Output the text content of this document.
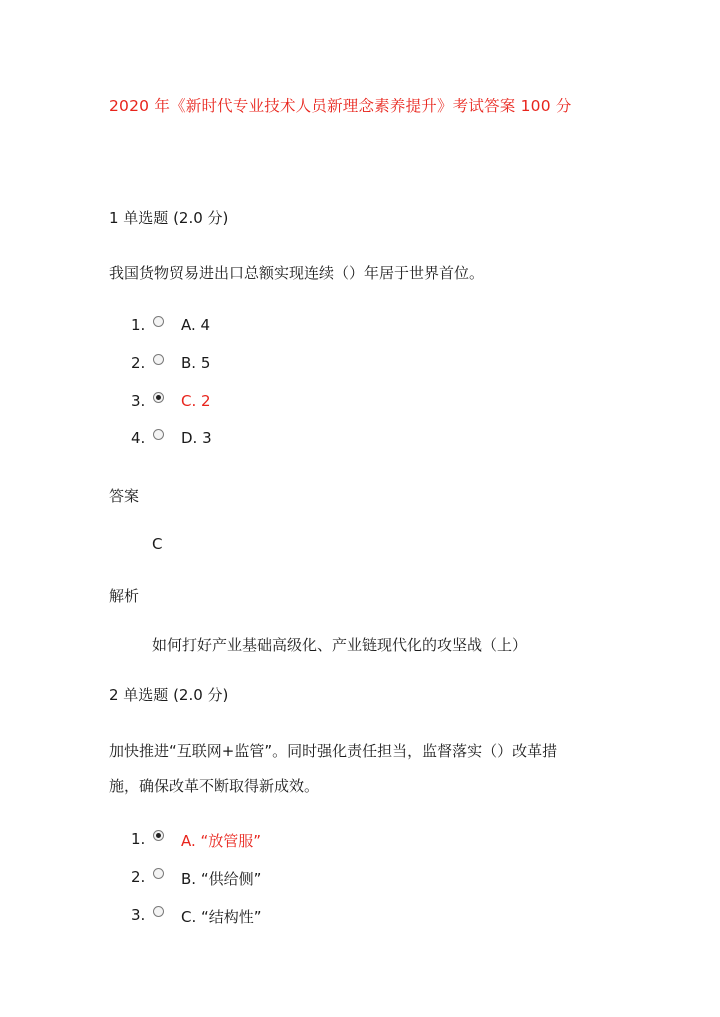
2020 年《新时代专业技术人员新理念素养提升》考试答案 100 分
1 单选题 (2.0 分)
我国货物贸易进出口总额实现连续（）年居于世界首位。
1.	A. 4
2.	B. 5
3.	C. 2
4.	D. 3
答案
C
解析
如何打好产业基础高级化、产业链现代化的攻坚战（上）
2 单选题 (2.0 分)
加快推进“互联网+监管”。同时强化责任担当，监督落实（）改革措
施，确保改革不断取得新成效。
1.	A. “放管服”
2.	B. “供给侧”
3.	C. “结构性”
